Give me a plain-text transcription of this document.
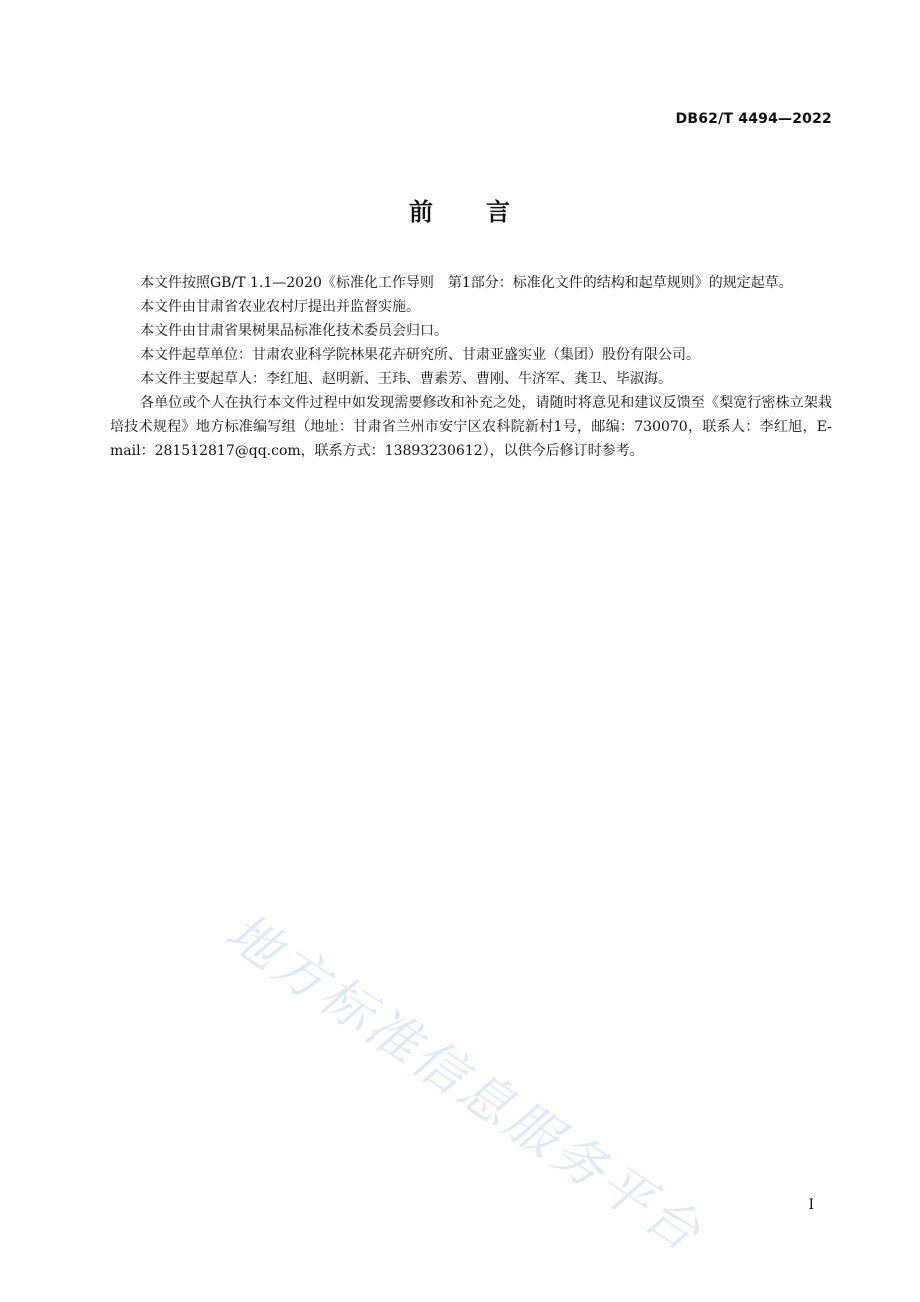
DB62/T 4494—2022
前 言

本文件按照GB/T 1.1—2020《标准化工作导则　第1部分：标准化文件的结构和起草规则》的规定起草。

本文件由甘肃省农业农村厅提出并监督实施。

本文件由甘肃省果树果品标准化技术委员会归口。

本文件起草单位：甘肃农业科学院林果花卉研究所、甘肃亚盛实业（集团）股份有限公司。

本文件主要起草人：李红旭、赵明新、王玮、曹素芳、曹刚、牛济军、龚卫、毕淑海。

各单位或个人在执行本文件过程中如发现需要修改和补充之处，请随时将意见和建议反馈至《梨宽行密株立架栽培技术规程》地方标准编写组（地址：甘肃省兰州市安宁区农科院新村1号，邮编：730070，联系人：李红旭，E-mail：281512817@qq.com，联系方式：13893230612），以供今后修订时参考。

地方标准信息服务平台	I
